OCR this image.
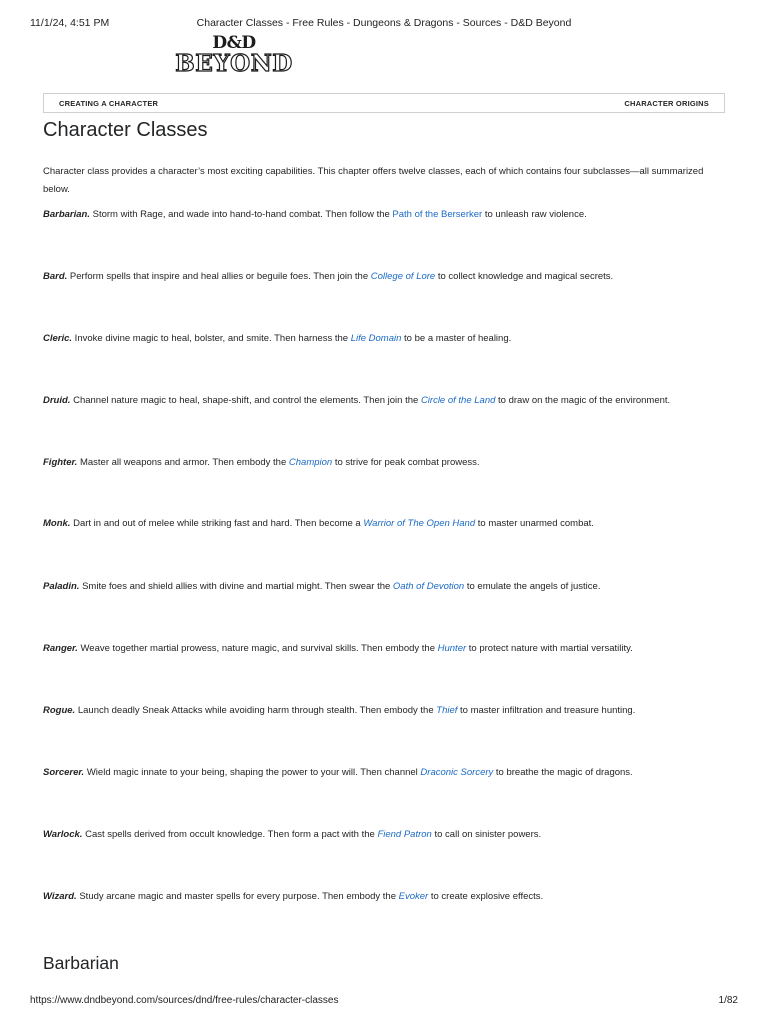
11/1/24, 4:51 PM	Character Classes - Free Rules - Dungeons & Dragons - Sources - D&D Beyond
D&D
BEYOND
CREATING A CHARACTER	CHARACTER ORIGINS
Character Classes

Character class provides a character’s most exciting capabilities. This chapter offers twelve classes, each of which contains four subclasses—all summarized below.

Barbarian. Storm with Rage, and wade into hand-to-hand combat. Then follow the Path of the Berserker to unleash raw violence.

Bard. Perform spells that inspire and heal allies or beguile foes. Then join the College of Lore to collect knowledge and magical secrets.

Cleric. Invoke divine magic to heal, bolster, and smite. Then harness the Life Domain to be a master of healing.

Druid. Channel nature magic to heal, shape-shift, and control the elements. Then join the Circle of the Land to draw on the magic of the environment.

Fighter. Master all weapons and armor. Then embody the Champion to strive for peak combat prowess.

Monk. Dart in and out of melee while striking fast and hard. Then become a Warrior of The Open Hand to master unarmed combat.

Paladin. Smite foes and shield allies with divine and martial might. Then swear the Oath of Devotion to emulate the angels of justice.

Ranger. Weave together martial prowess, nature magic, and survival skills. Then embody the Hunter to protect nature with martial versatility.

Rogue. Launch deadly Sneak Attacks while avoiding harm through stealth. Then embody the Thief to master infiltration and treasure hunting.

Sorcerer. Wield magic innate to your being, shaping the power to your will. Then channel Draconic Sorcery to breathe the magic of dragons.

Warlock. Cast spells derived from occult knowledge. Then form a pact with the Fiend Patron to call on sinister powers.

Wizard. Study arcane magic and master spells for every purpose. Then embody the Evoker to create explosive effects.

Barbarian
https://www.dndbeyond.com/sources/dnd/free-rules/character-classes	1/82
